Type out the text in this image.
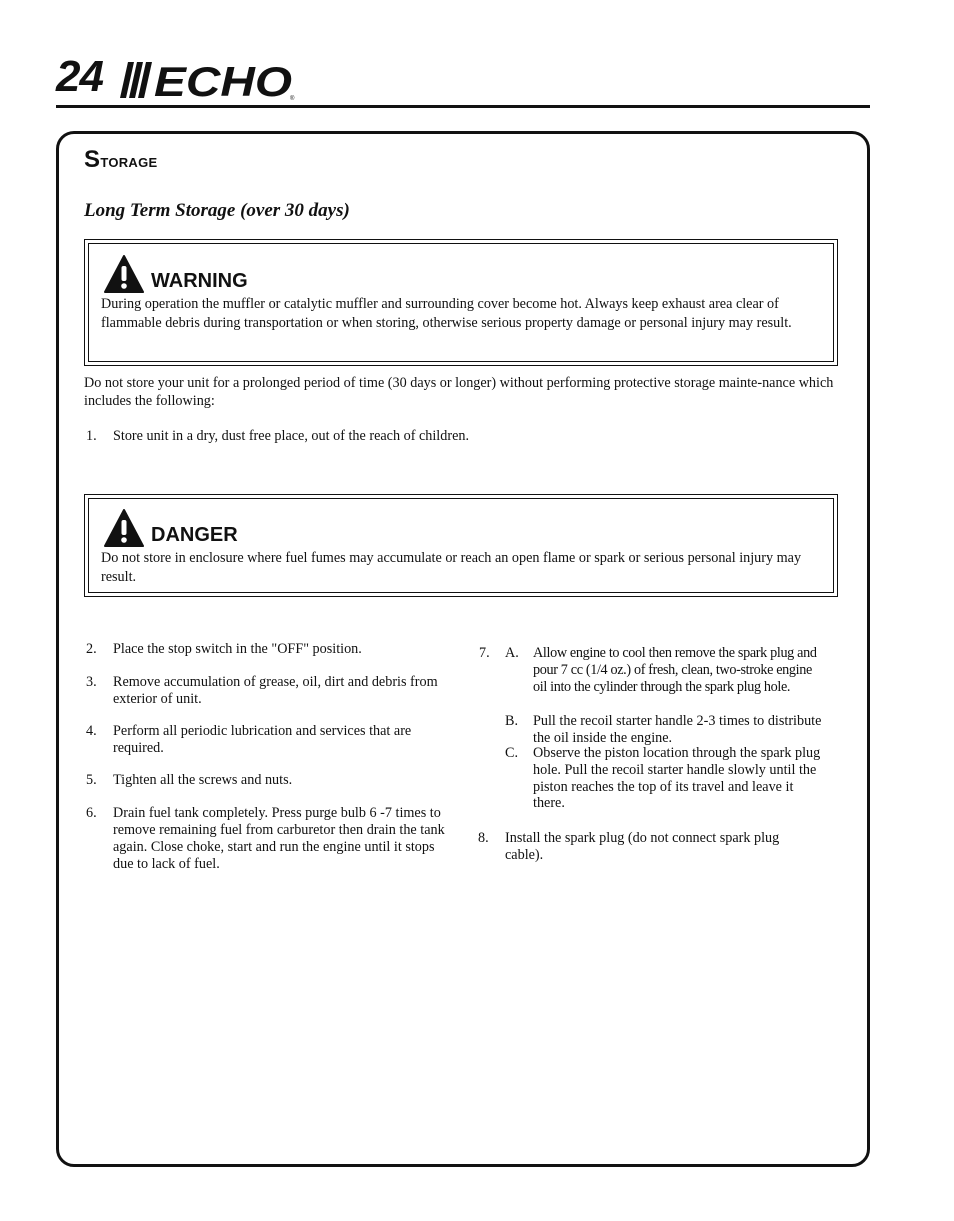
24 ECHO
®
Storage
Long Term Storage (over 30 days)
WARNING
During operation the muffler or catalytic muffler and surrounding cover become hot. Always keep exhaust area clear of flammable debris during transportation or when storing, otherwise serious property damage or personal injury may result.
Do not store your unit for a prolonged period of time (30 days or longer) without performing protective storage mainte-nance which includes the following:
1. Store unit in a dry, dust free place, out of the reach of children.
DANGER
Do not store in enclosure where fuel fumes may accumulate or reach an open flame or spark or serious personal injury may result.
2. Place the stop switch in the "OFF" position.
3. Remove accumulation of grease, oil, dirt and debris from exterior of unit.
4. Perform all periodic lubrication and services that are required.
5. Tighten all the screws and nuts.
6. Drain fuel tank completely. Press purge bulb 6 -7 times to remove remaining fuel from carburetor then drain the tank again. Close choke, start and run the engine until it stops due to lack of fuel.
7. A. Allow engine to cool then remove the spark plug and pour 7 cc (1/4 oz.) of fresh, clean, two-stroke engine oil into the cylinder through the spark plug hole.
B. Pull the recoil starter handle 2-3 times to distribute the oil inside the engine.
C. Observe the piston location through the spark plug hole. Pull the recoil starter handle slowly until the piston reaches the top of its travel and leave it there.
8. Install the spark plug (do not connect spark plug cable).
